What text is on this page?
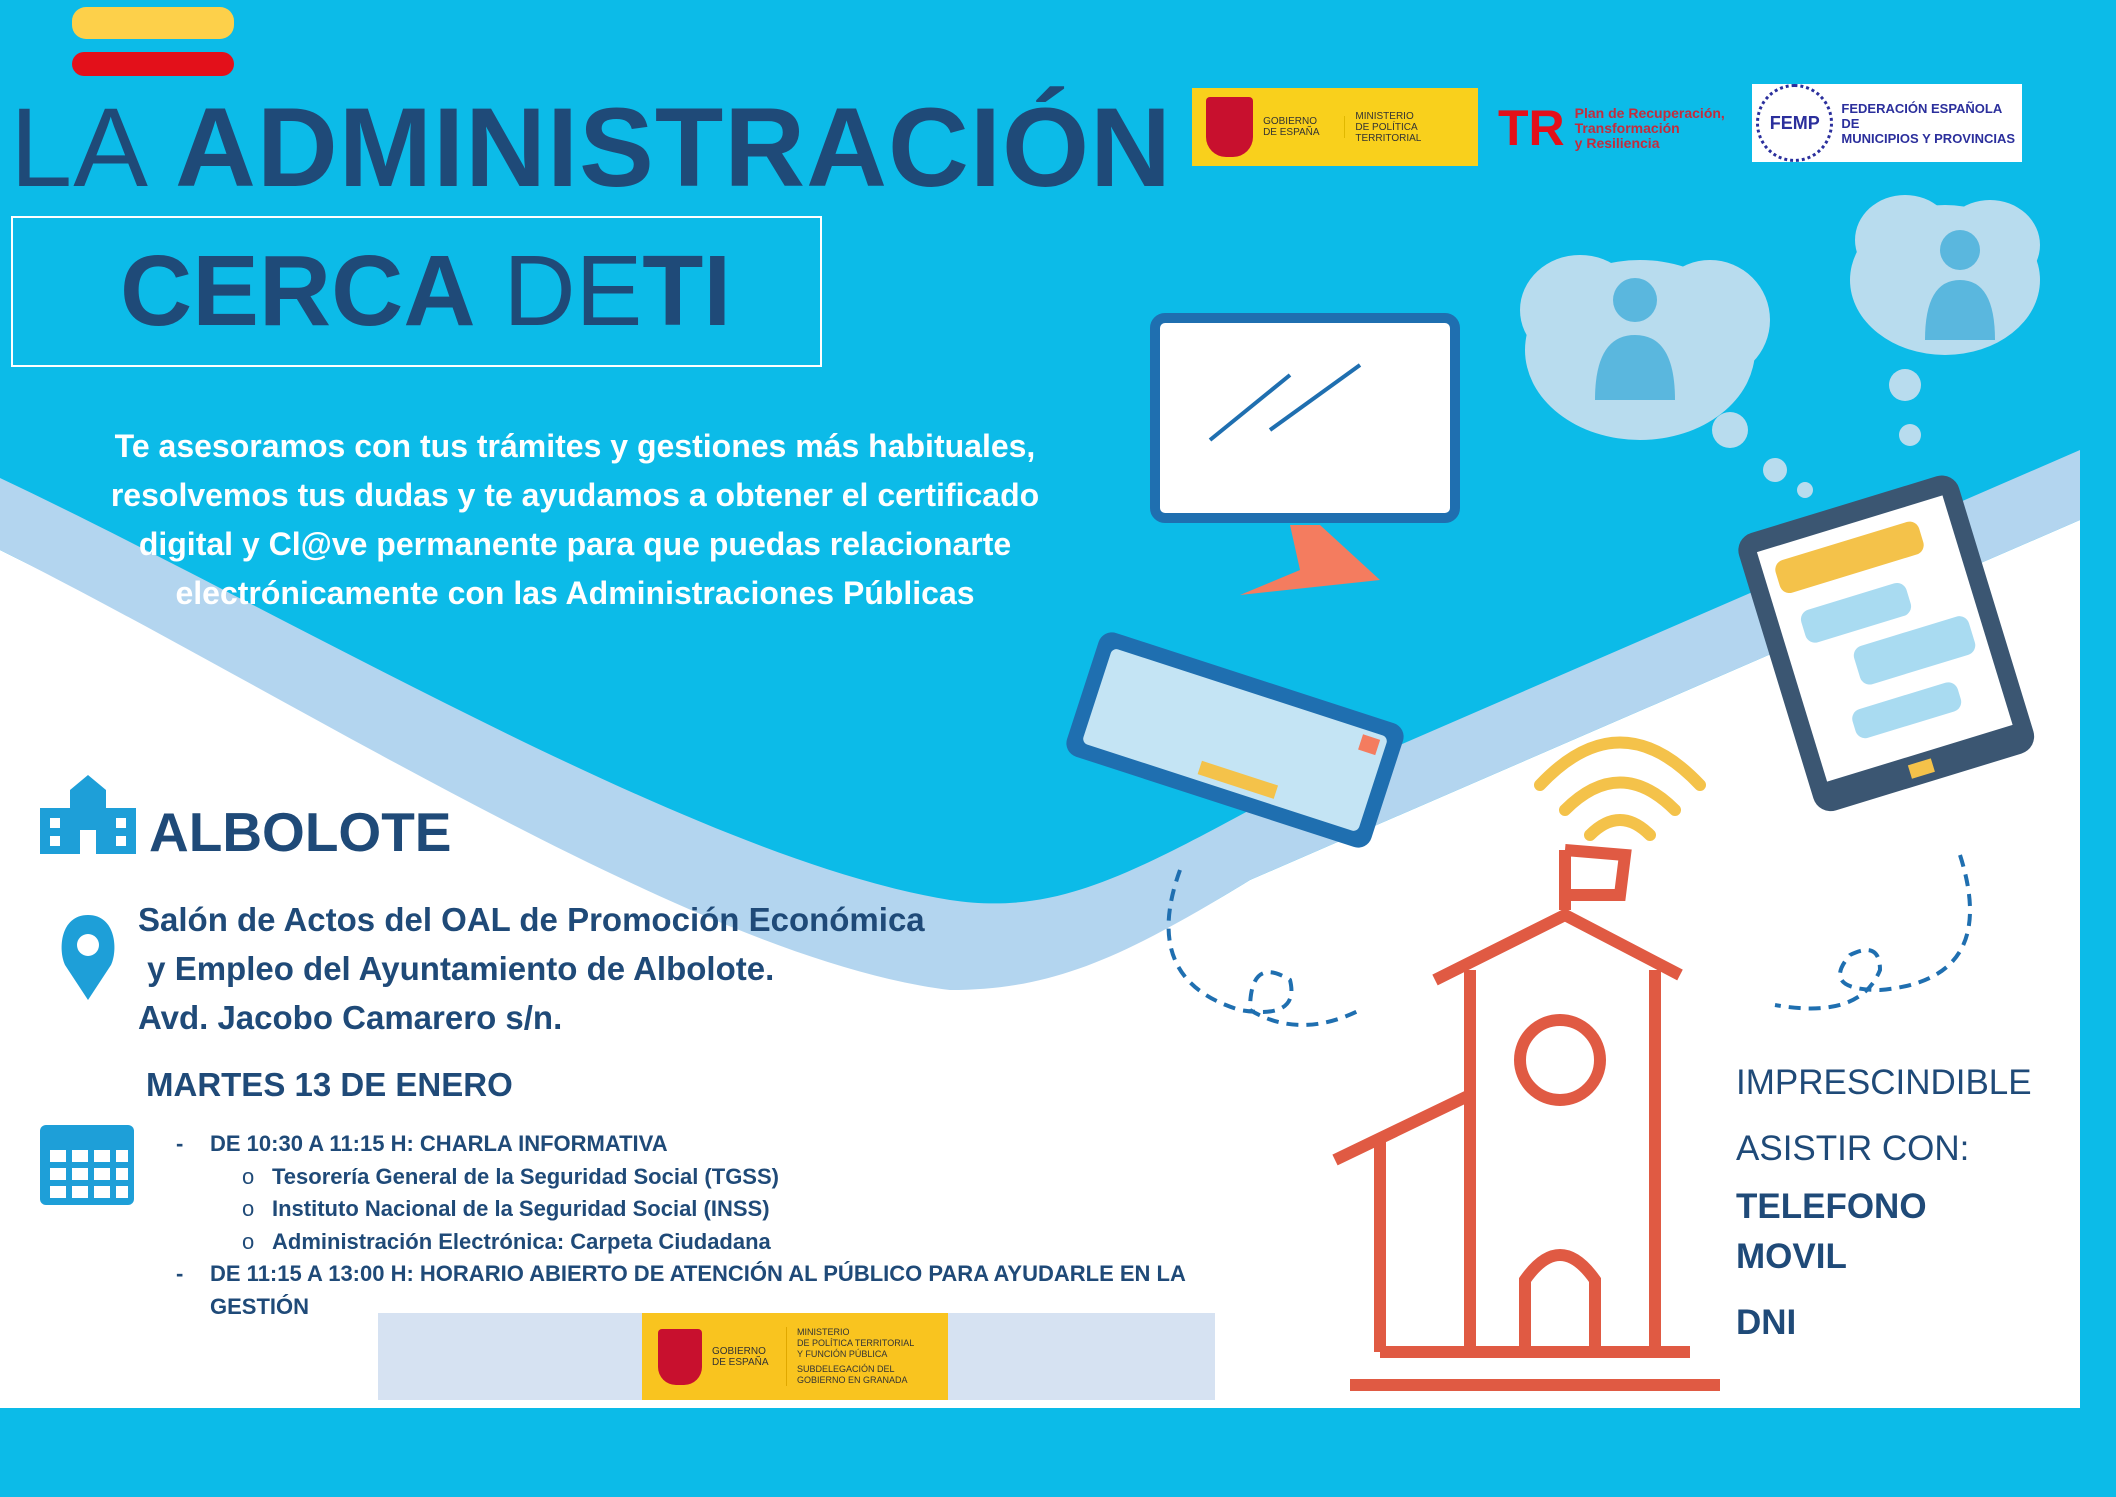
LA ADMINISTRACIÓN
CERCA DETI
GOBIERNO
DE ESPAÑA
MINISTERIO
DE POLÍTICA TERRITORIAL	TR Plan de Recuperación,
Transformación
y Resiliencia
FEMP
FEDERACIÓN ESPAÑOLA DE
MUNICIPIOS Y PROVINCIAS
Te asesoramos con tus trámites y gestiones más habituales,
resolvemos tus dudas y te ayudamos a obtener el certificado
digital y Cl@ve permanente para que puedas relacionarte
electrónicamente con las Administraciones Públicas
ALBOLOTE
Salón de Actos del OAL de Promoción Económica
y Empleo del Ayuntamiento de Albolote.
Avd. Jacobo Camarero s/n.
MARTES 13 DE ENERO
-	DE 10:30 A 11:15 H: CHARLA INFORMATIVA
o Tesorería General de la Seguridad Social (TGSS)
o Instituto Nacional de la Seguridad Social (INSS)
o Administración Electrónica: Carpeta Ciudadana
-	DE 11:15 A 13:00 H: HORARIO ABIERTO DE ATENCIÓN AL PÚBLICO PARA AYUDARLE EN LA
GESTIÓN
GOBIERNO
DE ESPAÑA
MINISTERIO
DE POLÍTICA TERRITORIAL
Y FUNCIÓN PÚBLICA
SUBDELEGACIÓN DEL
GOBIERNO EN GRANADA
IMPRESCINDIBLE
ASISTIR CON:
TELEFONO
MOVIL
DNI
